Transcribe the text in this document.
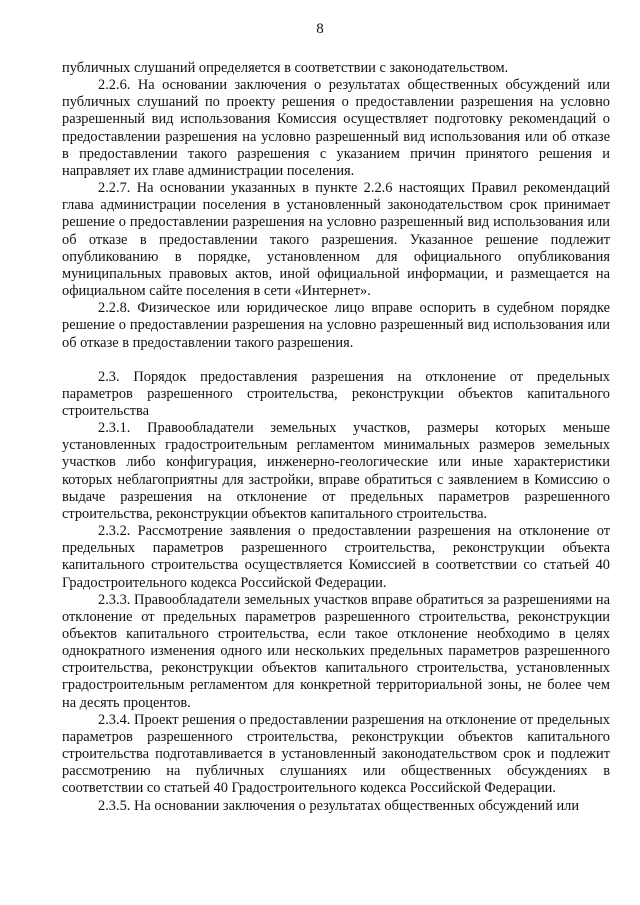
8

публичных слушаний определяется в соответствии с законодательством.

2.2.6. На основании заключения о результатах общественных обсуждений или публичных слушаний по проекту решения о предоставлении разрешения на условно разрешенный вид использования Комиссия осуществляет подготовку рекомендаций о предоставлении разрешения на условно разрешенный вид использования или об отказе в предоставлении такого разрешения с указанием причин принятого решения и направляет их главе администрации поселения.

2.2.7. На основании указанных в пункте 2.2.6 настоящих Правил рекомендаций глава администрации поселения в установленный законодательством срок принимает решение о предоставлении разрешения на условно разрешенный вид использования или об отказе в предоставлении такого разрешения. Указанное решение подлежит опубликованию в порядке, установленном для официального опубликования муниципальных правовых актов, иной официальной информации, и размещается на официальном сайте поселения в сети «Интернет».

2.2.8. Физическое или юридическое лицо вправе оспорить в судебном порядке решение о предоставлении разрешения на условно разрешенный вид использования или об отказе в предоставлении такого разрешения.

2.3. Порядок предоставления разрешения на отклонение от предельных параметров разрешенного строительства, реконструкции объектов капитального строительства

2.3.1. Правообладатели земельных участков, размеры которых меньше установленных градостроительным регламентом минимальных размеров земельных участков либо конфигурация, инженерно-геологические или иные характеристики которых неблагоприятны для застройки, вправе обратиться с заявлением в Комиссию о выдаче разрешения на отклонение от предельных параметров разрешенного строительства, реконструкции объектов капитального строительства.

2.3.2. Рассмотрение заявления о предоставлении разрешения на отклонение от предельных параметров разрешенного строительства, реконструкции объекта капитального строительства осуществляется Комиссией в соответствии со статьей 40 Градостроительного кодекса Российской Федерации.

2.3.3. Правообладатели земельных участков вправе обратиться за разрешениями на отклонение от предельных параметров разрешенного строительства, реконструкции объектов капитального строительства, если такое отклонение необходимо в целях однократного изменения одного или нескольких предельных параметров разрешенного строительства, реконструкции объектов капитального строительства, установленных градостроительным регламентом для конкретной территориальной зоны, не более чем на десять процентов.

2.3.4. Проект решения о предоставлении разрешения на отклонение от предельных параметров разрешенного строительства, реконструкции объектов капитального строительства подготавливается в установленный законодательством срок и подлежит рассмотрению на публичных слушаниях или общественных обсуждениях в соответствии со статьей 40 Градостроительного кодекса Российской Федерации.

2.3.5. На основании заключения о результатах общественных обсуждений или
